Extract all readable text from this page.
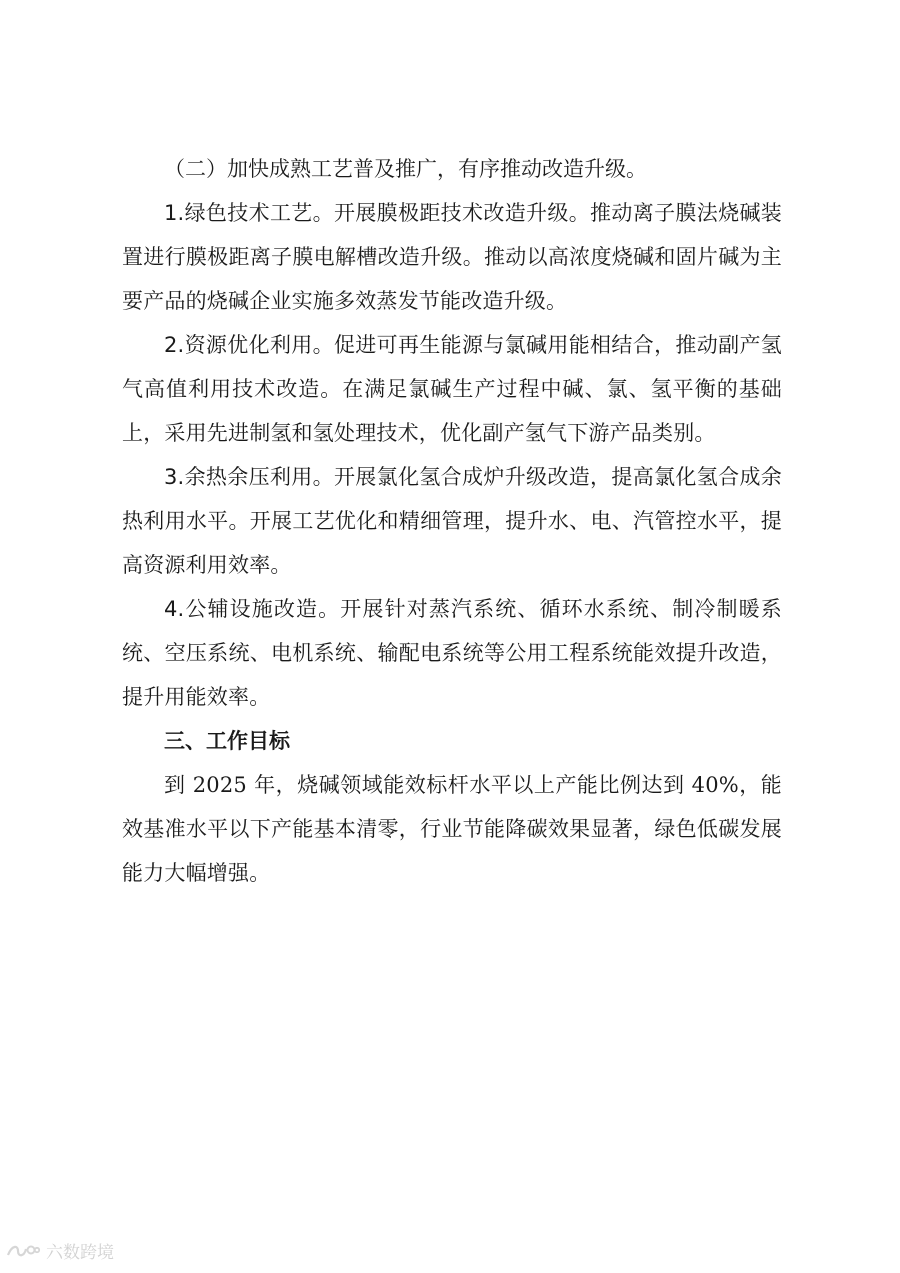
（二）加快成熟工艺普及推广，有序推动改造升级。

1.绿色技术工艺。开展膜极距技术改造升级。推动离子膜法烧碱装置进行膜极距离子膜电解槽改造升级。推动以高浓度烧碱和固片碱为主要产品的烧碱企业实施多效蒸发节能改造升级。

2.资源优化利用。促进可再生能源与氯碱用能相结合，推动副产氢气高值利用技术改造。在满足氯碱生产过程中碱、氯、氢平衡的基础上，采用先进制氢和氢处理技术，优化副产氢气下游产品类别。

3.余热余压利用。开展氯化氢合成炉升级改造，提高氯化氢合成余热利用水平。开展工艺优化和精细管理，提升水、电、汽管控水平，提高资源利用效率。

4.公辅设施改造。开展针对蒸汽系统、循环水系统、制冷制暖系统、空压系统、电机系统、输配电系统等公用工程系统能效提升改造，提升用能效率。

三、工作目标

到 2025 年，烧碱领域能效标杆水平以上产能比例达到 40%，能效基准水平以下产能基本清零，行业节能降碳效果显著，绿色低碳发展能力大幅增强。

六数跨境
